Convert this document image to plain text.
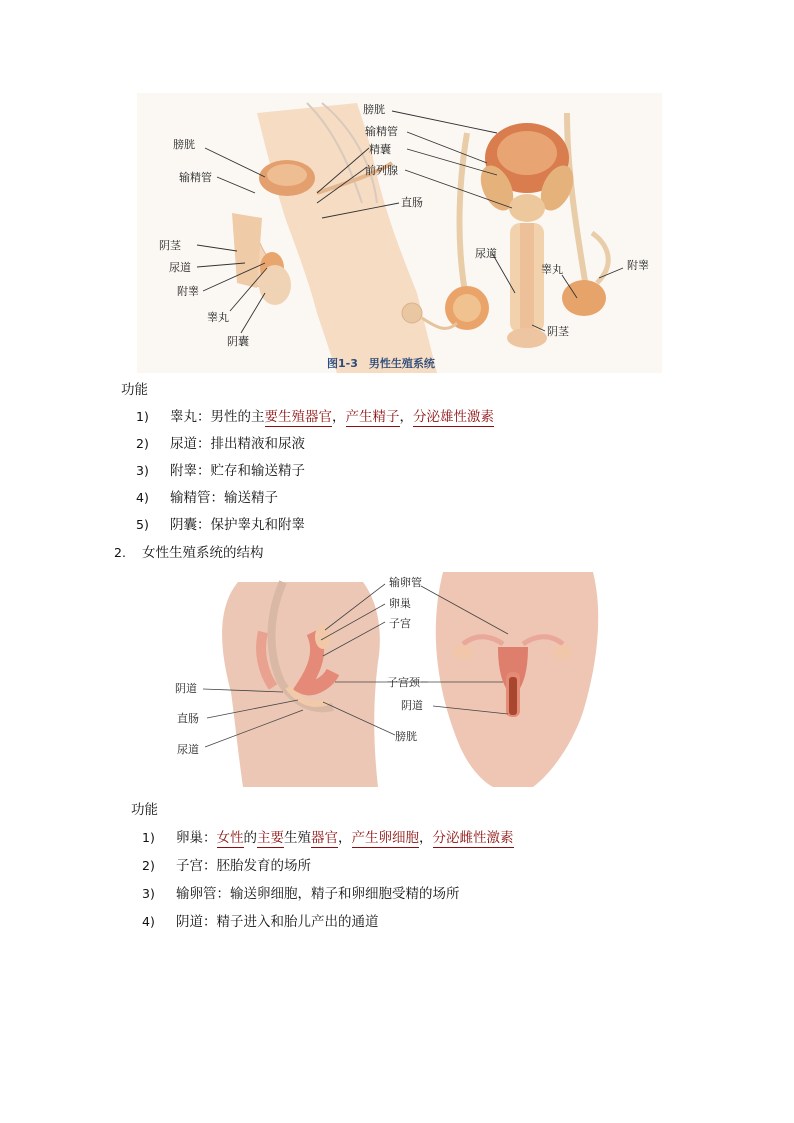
图1-3　男性生殖系统
膀胱
输精管
阴茎
尿道
附睾
睾丸
阴囊
膀胱
输精管
精囊
前列腺
直肠
尿道
睾丸	附睾
阴茎
功能
1) 睾丸：男性的主要生殖器官，产生精子，分泌雄性激素
2) 尿道：排出精液和尿液
3) 附睾：贮存和输送精子
4) 输精管：输送精子
5) 阴囊：保护睾丸和附睾
2. 女性生殖系统的结构
输卵管
卵巢
子宫
子宫颈
阴道
直肠
尿道
膀胱
阴道
功能
1) 卵巢：女性的主要生殖器官，产生卵细胞，分泌雌性激素
2) 子宫：胚胎发育的场所
3) 输卵管：输送卵细胞，精子和卵细胞受精的场所
4) 阴道：精子进入和胎儿产出的通道
